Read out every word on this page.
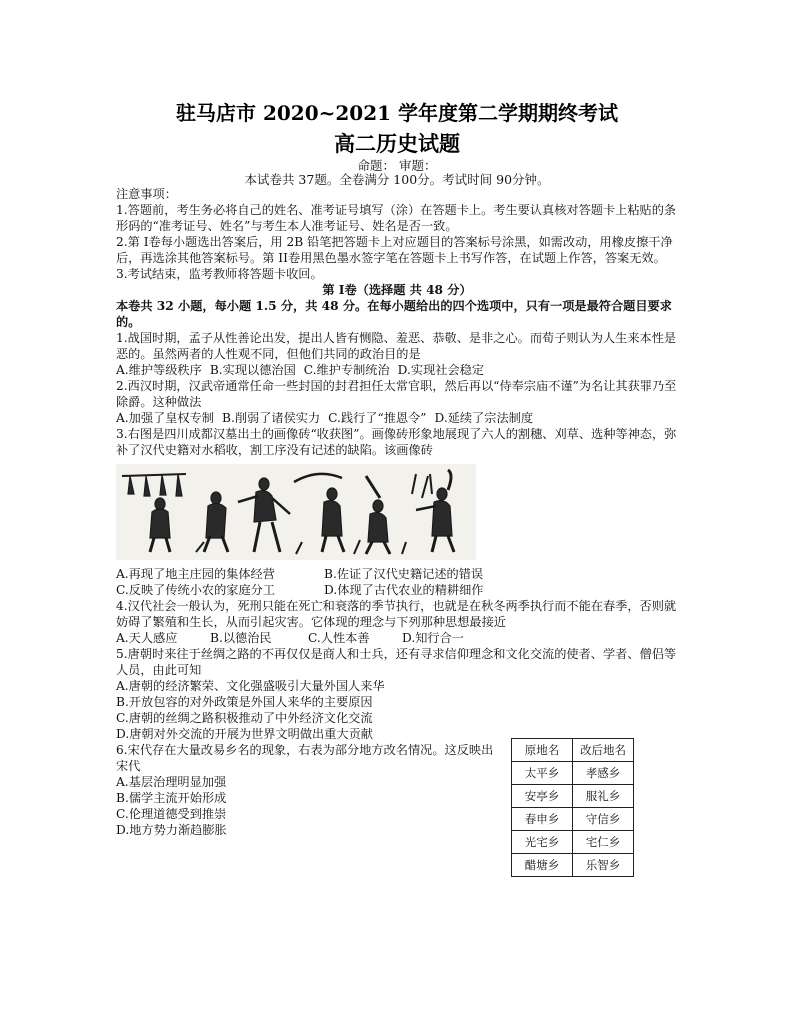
驻马店市 2020~2021 学年度第二学期期终考试
高二历史试题
命题： 审题：
本试卷共 37题。全卷满分 100分。考试时间 90分钟。

注意事项：

1.答题前，考生务必将自己的姓名、准考证号填写（涂）在答题卡上。考生要认真核对答题卡上粘贴的条形码的“准考证号、姓名”与考生本人准考证号、姓名是否一致。

2.第 I卷每小题选出答案后，用 2B 铅笔把答题卡上对应题目的答案标号涂黑，如需改动，用橡皮擦干净后，再选涂其他答案标号。第 II卷用黑色墨水签字笔在答题卡上书写作答，在试题上作答，答案无效。

3.考试结束，监考教师将答题卡收回。

第 I卷（选择题 共 48 分）

本卷共 32 小题，每小题 1.5 分，共 48 分。在每小题给出的四个选项中，只有一项是最符合题目要求的。

1.战国时期，孟子从性善论出发，提出人皆有恻隐、羞恶、恭敬、是非之心。而荀子则认为人生来本性是恶的。虽然两者的人性观不同，但他们共同的政治目的是

A.维护等级秩序 B.实现以德治国 C.维护专制统治 D.实现社会稳定

2.西汉时期，汉武帝通常任命一些封国的封君担任太常官职，然后再以“侍奉宗庙不谨”为名让其获罪乃至除爵。这种做法

A.加强了皇权专制 B.削弱了诸侯实力 C.践行了“推恩令” D.延续了宗法制度

3.右图是四川成都汉墓出土的画像砖“收获图”。画像砖形象地展现了六人的割穗、刈草、选种等神态，弥补了汉代史籍对水稻收，割工序没有记述的缺陷。该画像砖

A.再现了地主庄园的集体经营	B.佐证了汉代史籍记述的错误
C.反映了传统小农的家庭分工	D.体现了古代农业的精耕细作

4.汉代社会一般认为，死刑只能在死亡和衰落的季节执行，也就是在秋冬两季执行而不能在春季，否则就妨碍了繁殖和生长，从而引起灾害。它体现的理念与下列那种思想最接近

A.天人感应	B.以德治民	C.人性本善	D.知行合一

5.唐朝时来往于丝绸之路的不再仅仅是商人和士兵，还有寻求信仰理念和文化交流的使者、学者、僧侣等人员，由此可知

A.唐朝的经济繁荣、文化强盛吸引大量外国人来华

B.开放包容的对外政策是外国人来华的主要原因

C.唐朝的丝绸之路积极推动了中外经济文化交流

D.唐朝对外交流的开展为世界文明做出重大贡献

6.宋代存在大量改易乡名的现象，右表为部分地方改名情况。这反映出宋代

A.基层治理明显加强

B.儒学主流开始形成

C.伦理道德受到推崇

D.地方势力渐趋膨胀

原地名	改后地名
太平乡	孝感乡
安亭乡	服礼乡
春申乡	守信乡
光宅乡	宅仁乡
醋塘乡	乐智乡
